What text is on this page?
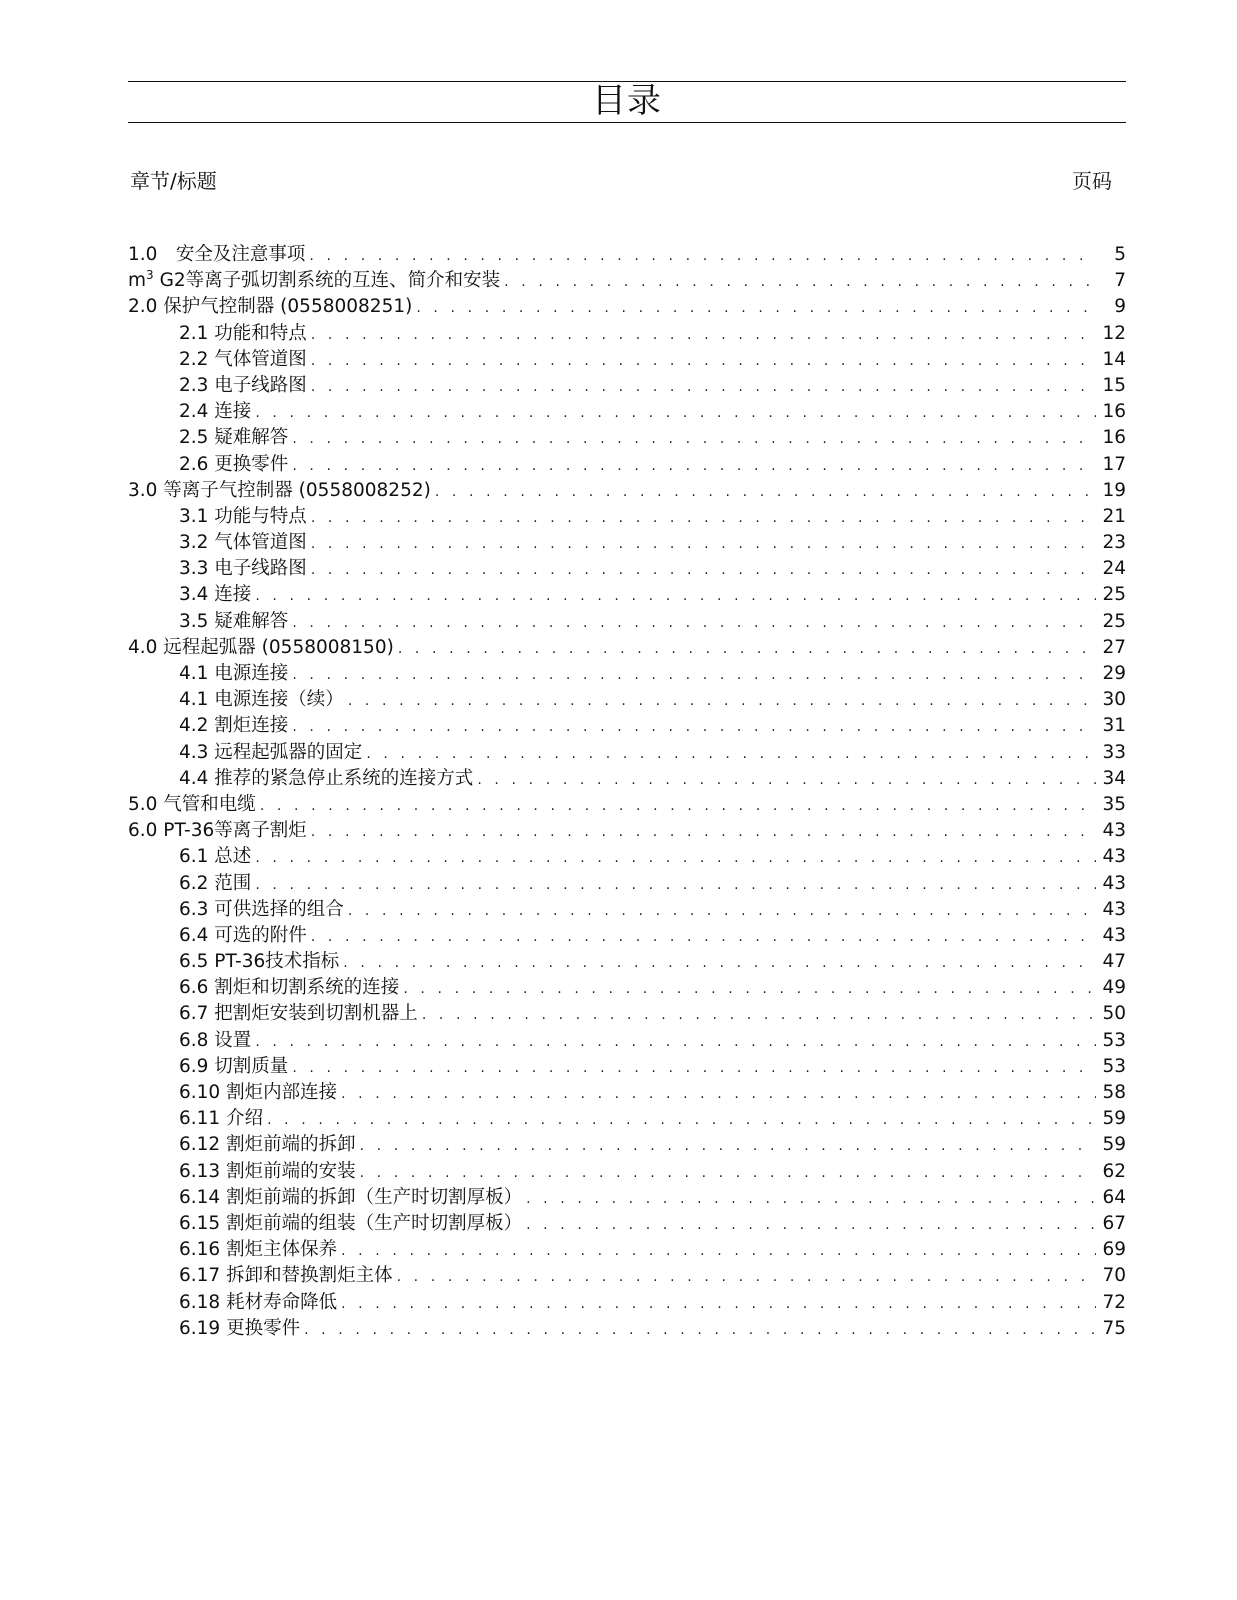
目录
章节/标题	页码
1.0　安全及注意事项 . . .	5
$m^3$ G2等离子弧切割系统的互连、简介和安装 . . .	7
2.0 保护气控制器 (0558008251) . . .	9
2.1 功能和特点 . . .	12
2.2 气体管道图 . . .	14
2.3 电子线路图 . . .	15
2.4 连接 . . .	16
2.5 疑难解答 . . .	16
2.6 更换零件 . . .	17
3.0 等离子气控制器 (0558008252) . . .	19
3.1 功能与特点 . . .	21
3.2 气体管道图 . . .	23
3.3 电子线路图 . . .	24
3.4 连接 . . .	25
3.5 疑难解答 . . .	25
4.0 远程起弧器 (0558008150) . . .	27
4.1 电源连接 . . .	29
4.1 电源连接（续） . . .	30
4.2 割炬连接 . . .	31
4.3 远程起弧器的固定 . . .	33
4.4 推荐的紧急停止系统的连接方式 . . .	34
5.0 气管和电缆 . . .	35
6.0 PT-36等离子割炬 . . .	43
6.1 总述 . . .	43
6.2 范围 . . .	43
6.3 可供选择的组合 . . .	43
6.4 可选的附件 . . .	43
6.5 PT-36技术指标 . . .	47
6.6 割炬和切割系统的连接 . . .	49
6.7 把割炬安装到切割机器上 . . .	50
6.8 设置 . . .	53
6.9 切割质量 . . .	53
6.10 割炬内部连接 . . .	58
6.11 介绍 . . .	59
6.12 割炬前端的拆卸 . . .	59
6.13 割炬前端的安装 . . .	62
6.14 割炬前端的拆卸（生产时切割厚板） . . .	64
6.15 割炬前端的组装（生产时切割厚板） . . .	67
6.16 割炬主体保养 . . .	69
6.17 拆卸和替换割炬主体 . . .	70
6.18 耗材寿命降低 . . .	72
6.19 更换零件 . . .	75
